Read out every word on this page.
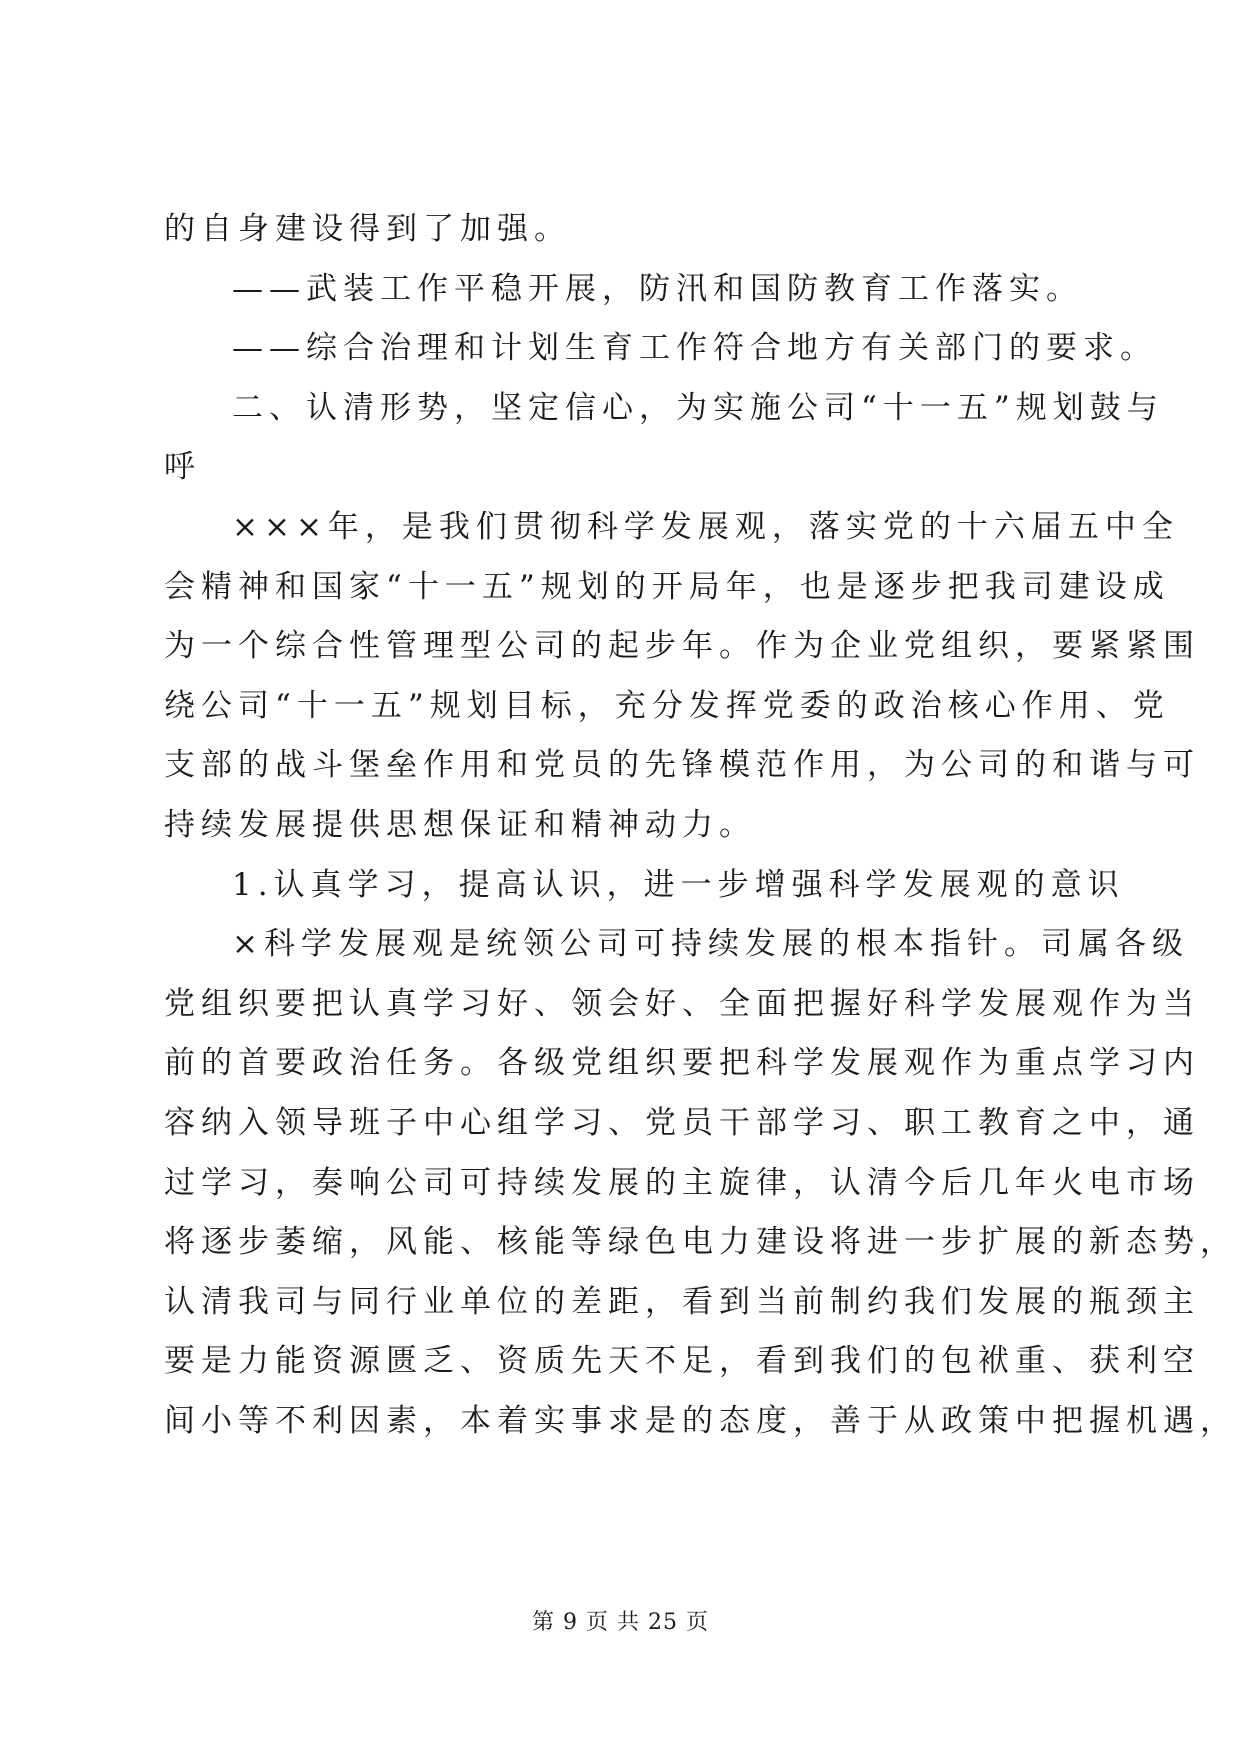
的自身建设得到了加强。
——武装工作平稳开展，防汛和国防教育工作落实。
——综合治理和计划生育工作符合地方有关部门的要求。
二、认清形势，坚定信心，为实施公司“十一五”规划鼓与
呼
×××年，是我们贯彻科学发展观，落实党的十六届五中全
会精神和国家“十一五”规划的开局年，也是逐步把我司建设成
为一个综合性管理型公司的起步年。作为企业党组织，要紧紧围
绕公司“十一五”规划目标，充分发挥党委的政治核心作用、党
支部的战斗堡垒作用和党员的先锋模范作用，为公司的和谐与可
持续发展提供思想保证和精神动力。
1.认真学习，提高认识，进一步增强科学发展观的意识
×科学发展观是统领公司可持续发展的根本指针。司属各级
党组织要把认真学习好、领会好、全面把握好科学发展观作为当
前的首要政治任务。各级党组织要把科学发展观作为重点学习内
容纳入领导班子中心组学习、党员干部学习、职工教育之中，通
过学习，奏响公司可持续发展的主旋律，认清今后几年火电市场
将逐步萎缩，风能、核能等绿色电力建设将进一步扩展的新态势，
认清我司与同行业单位的差距，看到当前制约我们发展的瓶颈主
要是力能资源匮乏、资质先天不足，看到我们的包袱重、获利空
间小等不利因素，本着实事求是的态度，善于从政策中把握机遇，
第 9 页 共 25 页
